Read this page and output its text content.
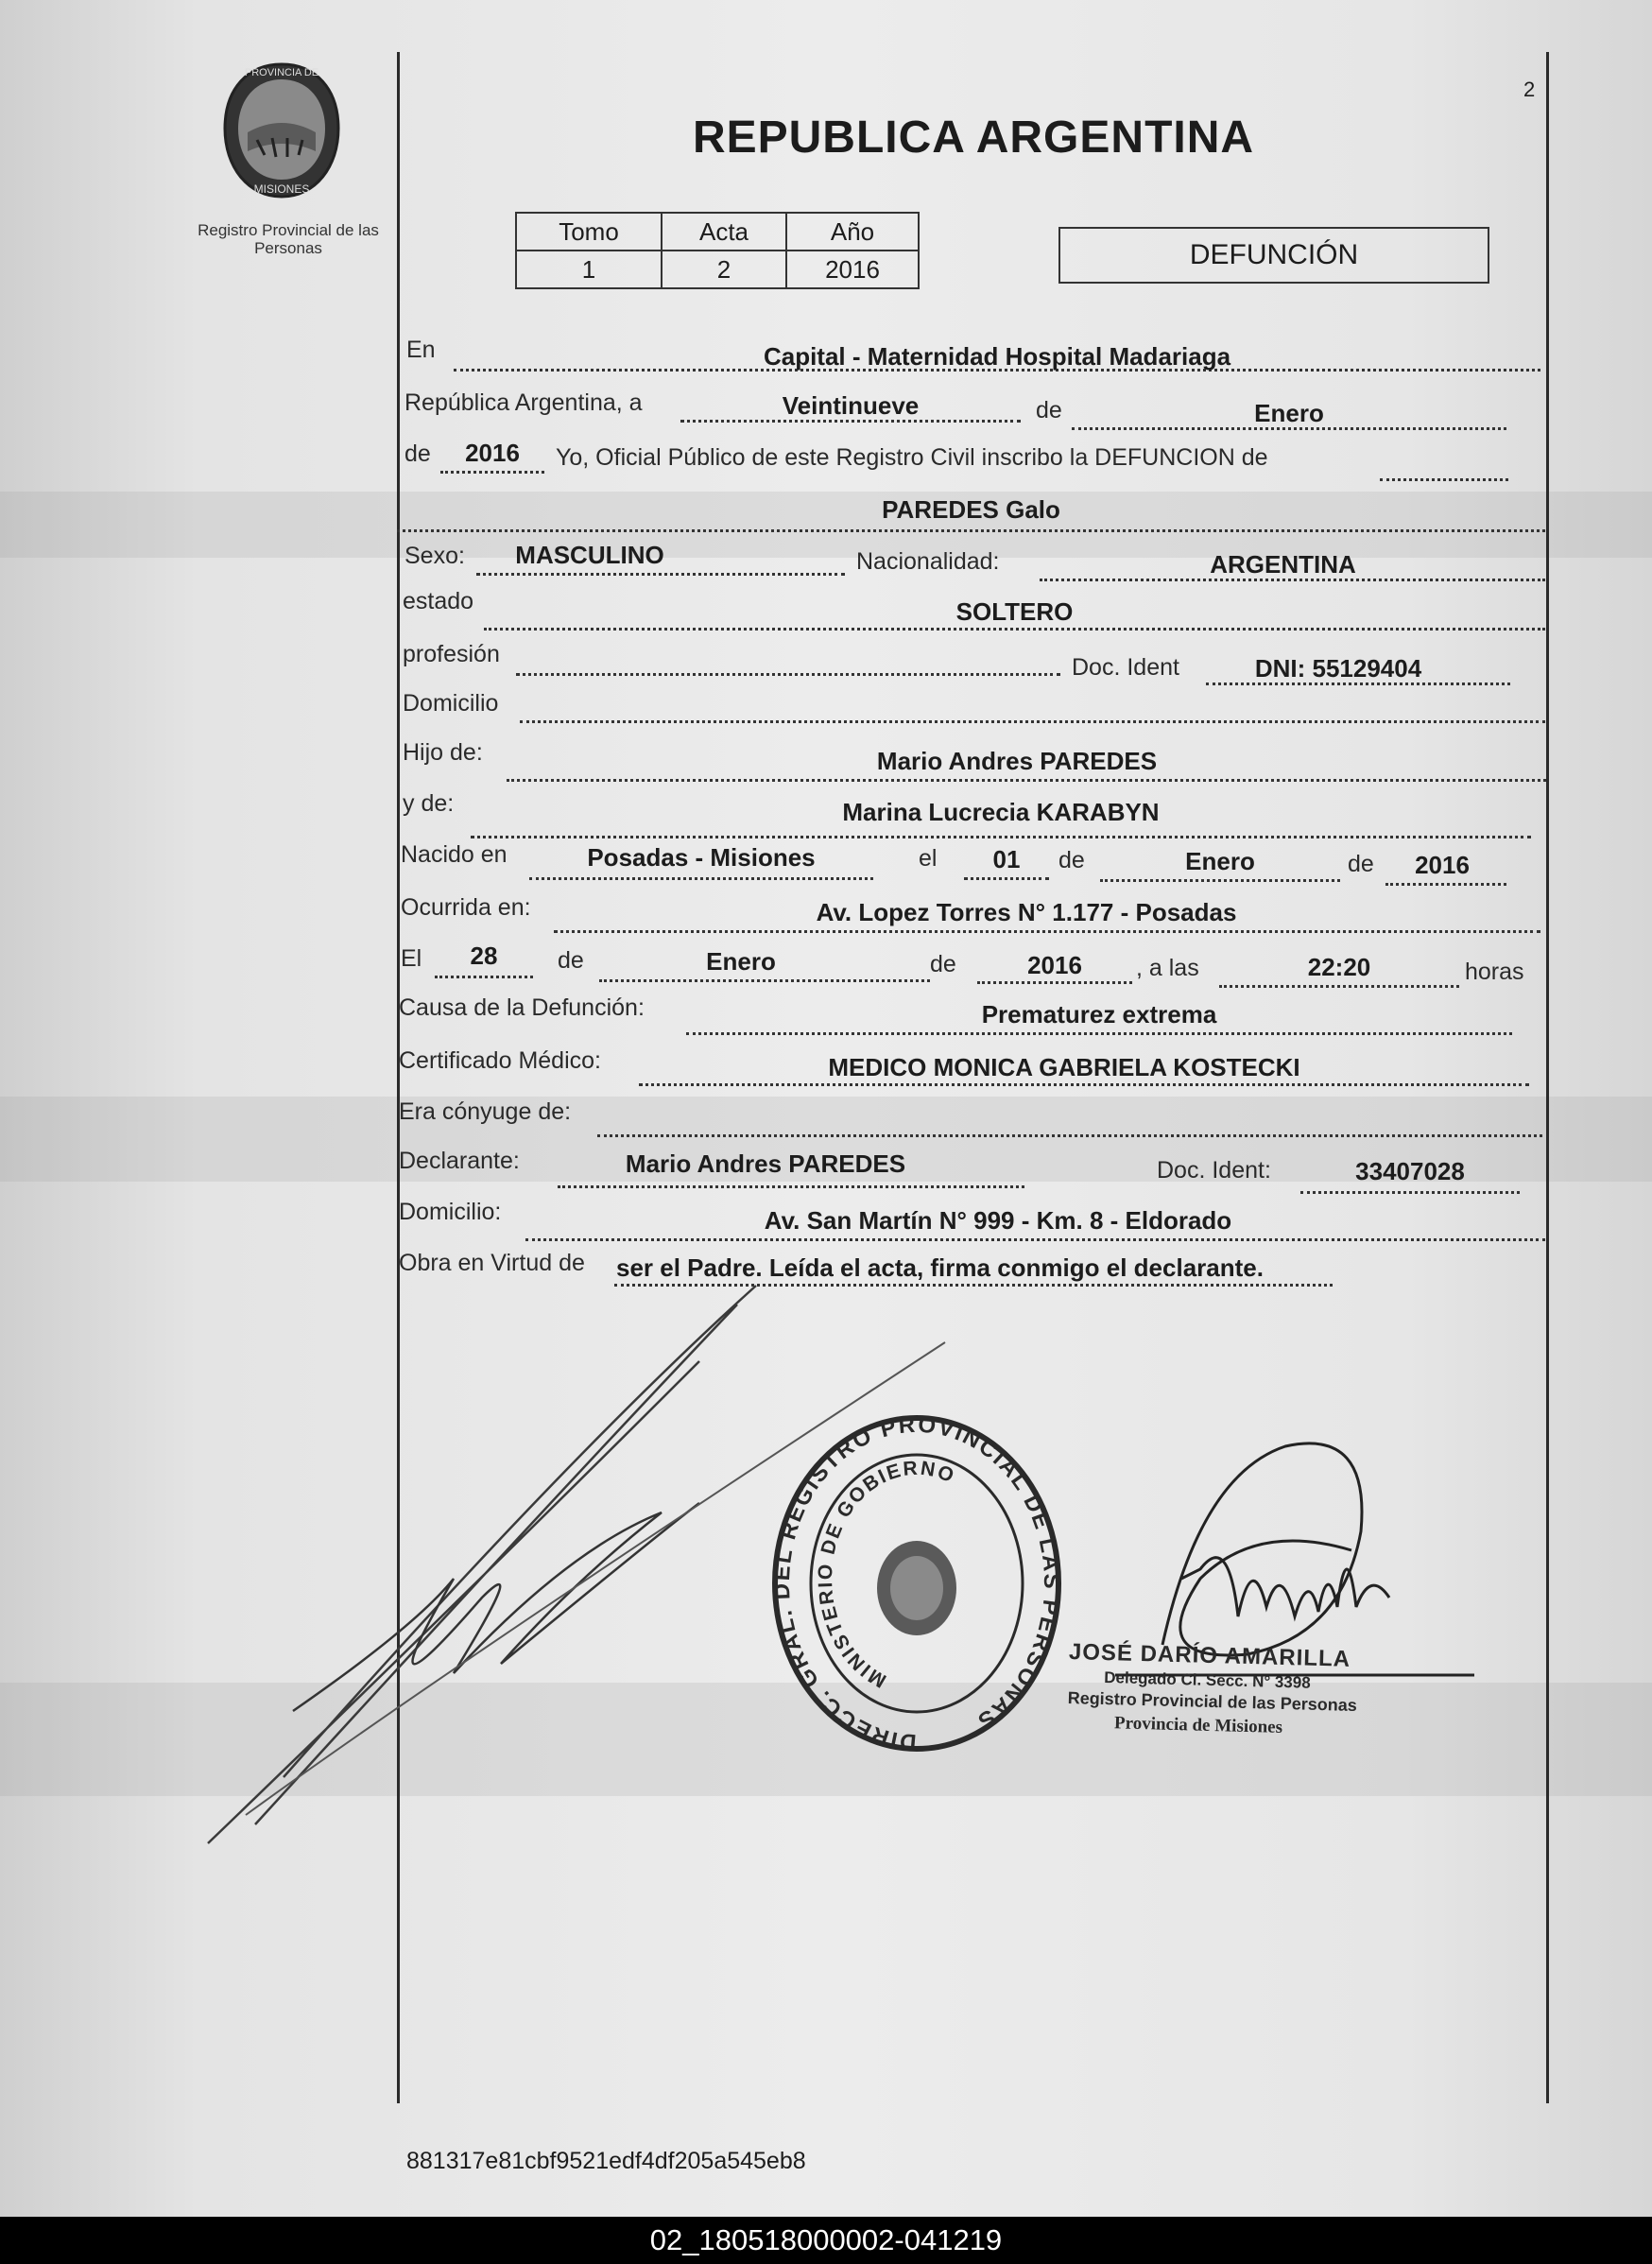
PROVINCIA DE
MISIONES
Registro Provincial de las Personas
2
REPUBLICA ARGENTINA
Tomo	Acta	Año
1	2	2016	DEFUNCIÓN
En	Capital - Maternidad Hospital Madariaga
República Argentina, a	Veintinueve	de	Enero
de	2016	Yo, Oficial Público de este Registro Civil inscribo la DEFUNCION de
PAREDES Galo
Sexo:	MASCULINO	Nacionalidad:	ARGENTINA
estado	SOLTERO
profesión	Doc. Ident	DNI: 55129404
Domicilio
Hijo de:	Mario Andres PAREDES
y de:	Marina Lucrecia KARABYN
Nacido en	Posadas - Misiones	el	01	de	Enero	de	2016
Ocurrida en:	Av. Lopez Torres N° 1.177 - Posadas
El	28	de	Enero	de	2016	, a las	22:20	horas
Causa de la Defunción:	Prematurez extrema
Certificado Médico:	MEDICO MONICA GABRIELA KOSTECKI
Era cónyuge de:
Declarante:	Mario Andres PAREDES	Doc. Ident:	33407028
Domicilio:	Av. San Martín N° 999 - Km. 8 - Eldorado
Obra en Virtud de ser el Padre. Leída el acta, firma conmigo el declarante.
DIRECC. GRAL. DEL REGISTRO PROVINCIAL DE LAS PERSONAS
MINISTERIO DE GOBIERNO
JOSÉ DARÍO AMARILLA
Delegado Cl. Secc. N° 3398
Registro Provincial de las Personas
Provincia de Misiones
881317e81cbf9521edf4df205a545eb8
02_180518000002-041219
